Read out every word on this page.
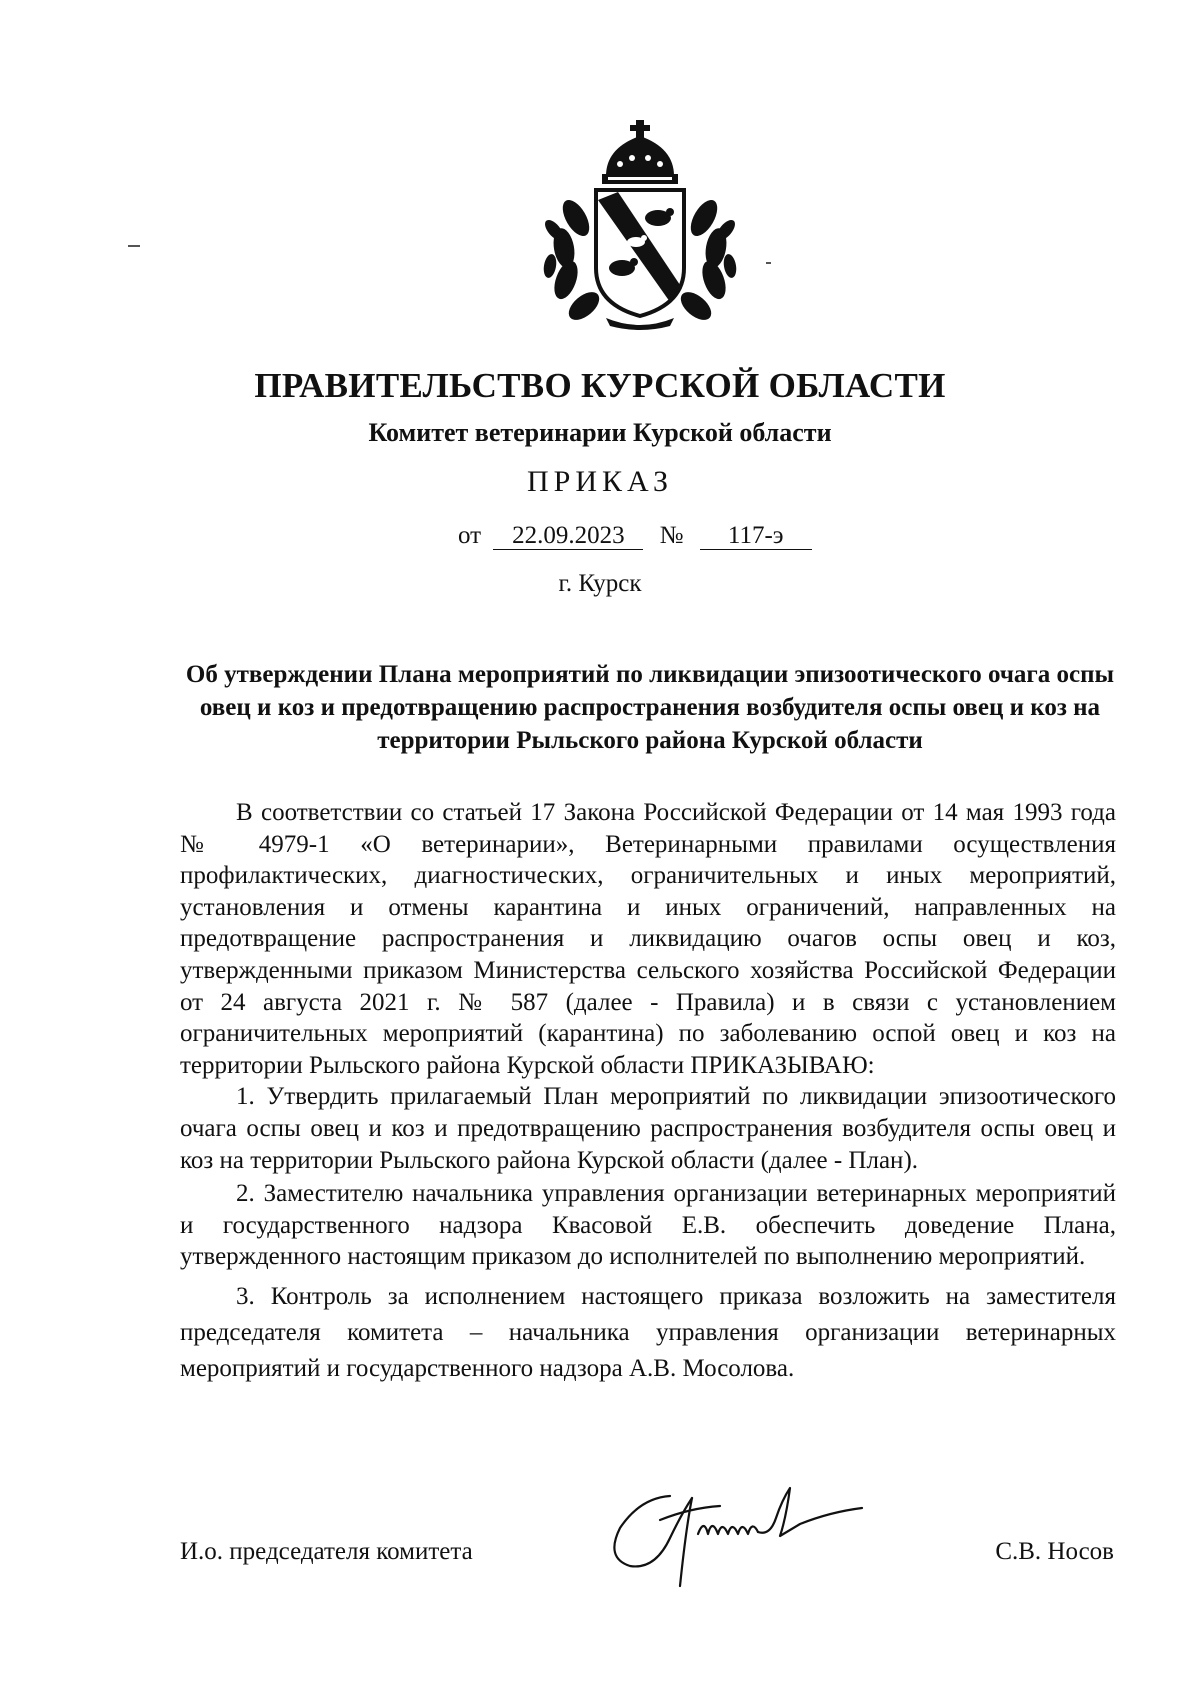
ПРАВИТЕЛЬСТВО КУРСКОЙ ОБЛАСТИ
Комитет ветеринарии Курской области
ПРИКАЗ
от 22.09.2023 № 117-э
г. Курск
Об утверждении Плана мероприятий по ликвидации эпизоотического очага оспы овец и коз и предотвращению распространения возбудителя оспы овец и коз на территории Рыльского района Курской области

В соответствии со статьей 17 Закона Российской Федерации от 14 мая 1993 года № 4979-1 «О ветеринарии», Ветеринарными правилами осуществления профилактических, диагностических, ограничительных и иных мероприятий, установления и отмены карантина и иных ограничений, направленных на предотвращение распространения и ликвидацию очагов оспы овец и коз, утвержденными приказом Министерства сельского хозяйства Российской Федерации от 24 августа 2021 г. № 587 (далее - Правила) и в связи с установлением ограничительных мероприятий (карантина) по заболеванию оспой овец и коз на территории Рыльского района Курской области ПРИКАЗЫВАЮ:

1. Утвердить прилагаемый План мероприятий по ликвидации эпизоотического очага оспы овец и коз и предотвращению распространения возбудителя оспы овец и коз на территории Рыльского района Курской области (далее - План).

2. Заместителю начальника управления организации ветеринарных мероприятий и государственного надзора Квасовой Е.В. обеспечить доведение Плана, утвержденного настоящим приказом до исполнителей по выполнению мероприятий.

3. Контроль за исполнением настоящего приказа возложить на заместителя председателя комитета – начальника управления организации ветеринарных мероприятий и государственного надзора А.В. Мосолова.

И.о. председателя комитета	С.В. Носов
